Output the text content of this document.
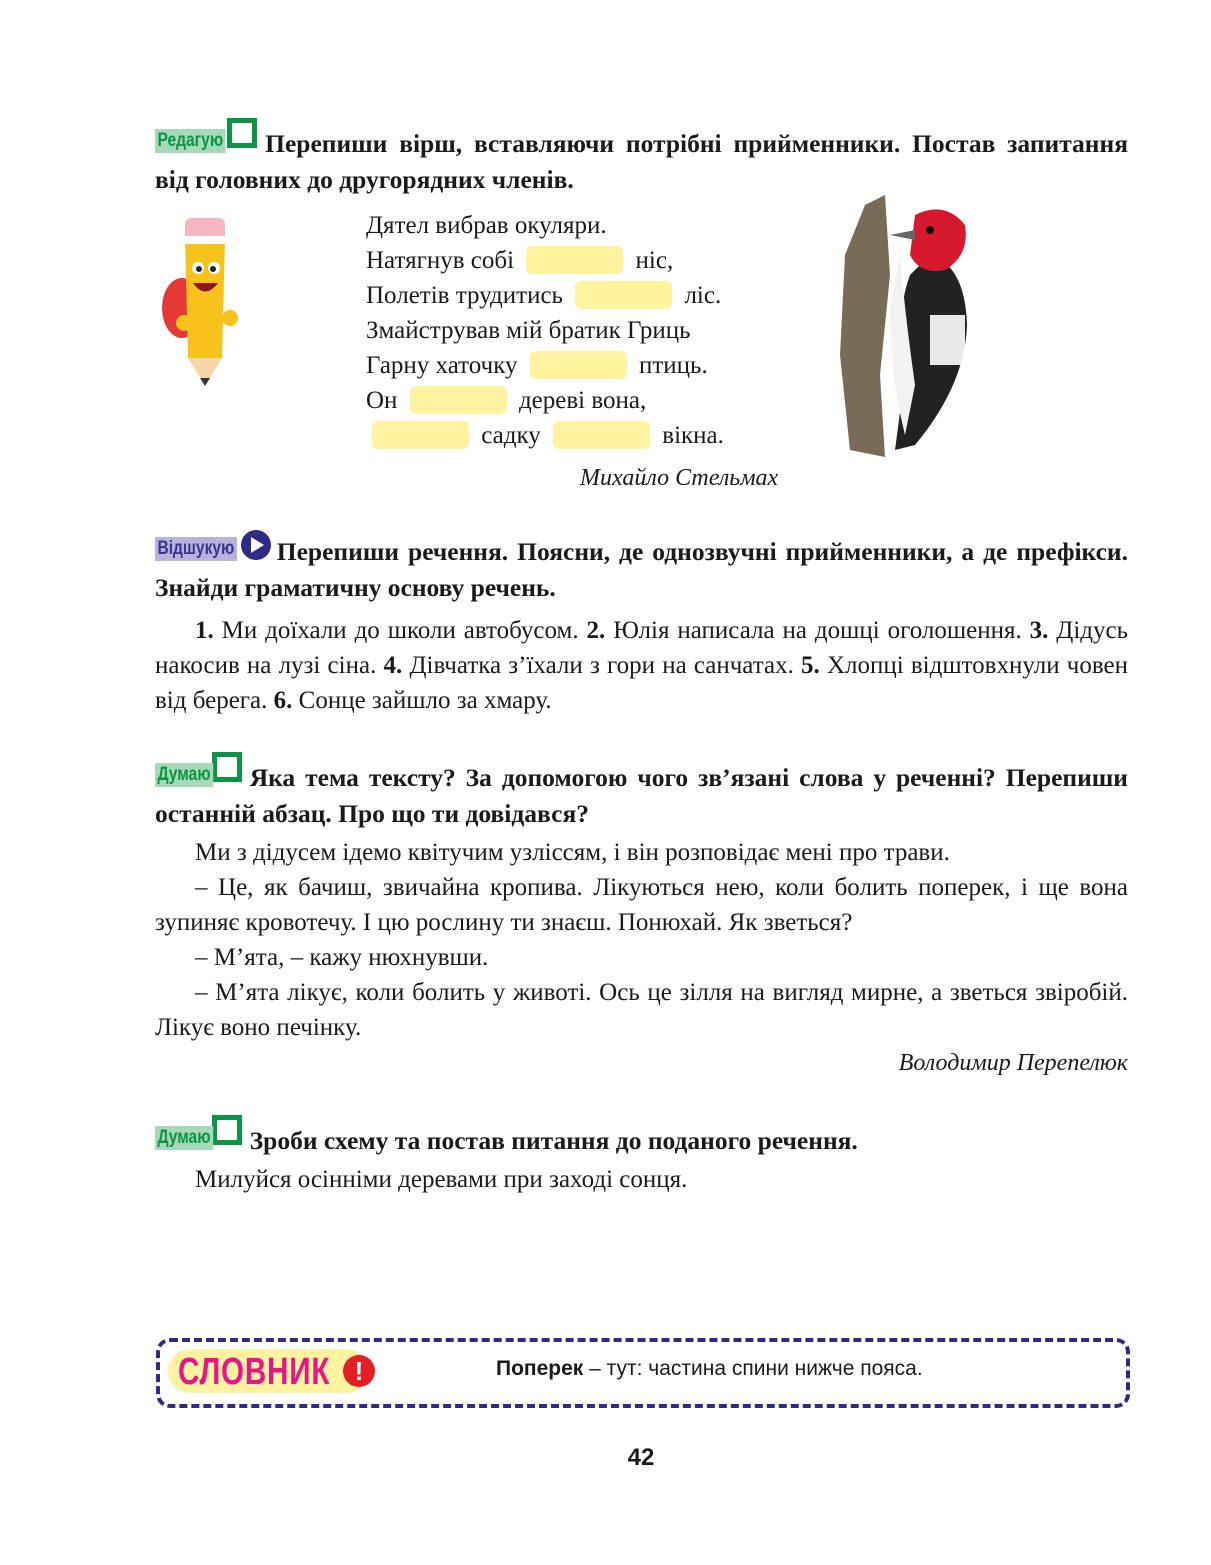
Редагую Перепиши вірш, вставляючи потрібні прийменники. Постав запитання від головних до другорядних членів.
Дятел вибрав окуляри.
Натягнув собі	ніс,
Полетів трудитись	ліс.
Змайстрував мій братик Гриць
Гарну хаточку	птиць.
Он	дереві вона,
садку	вікна.
Михайло Стельмах
Відшукую Перепиши речення. Поясни, де однозвучні прийменники, а де префікси. Знайди граматичну основу речень.

1. Ми доїхали до школи автобусом. 2. Юлія написала на дошці оголошення. 3. Дідусь накосив на лузі сіна. 4. Дівчатка з’їхали з гори на санчатах. 5. Хлопці відштовхнули човен від берега. 6. Сонце зайшло за хмару.

Думаю Яка тема тексту? За допомогою чого зв’язані слова у реченні? Перепиши останній абзац. Про що ти довідався?

Ми з дідусем ідемо квітучим узліссям, і він розповідає мені про трави.

– Це, як бачиш, звичайна кропива. Лікуються нею, коли болить поперек, і ще вона зупиняє кровотечу. І цю рослину ти знаєш. Понюхай. Як зветься?

– М’ята, – кажу нюхнувши.

– М’ята лікує, коли болить у животі. Ось це зілля на вигляд мирне, а зветься звіробій. Лікує воно печінку.

Володимир Перепелюк
Думаю Зроби схему та постав питання до поданого речення.

Милуйся осінніми деревами при заході сонця.

СЛОВНИК !	Поперек – тут: частина спини нижче пояса.
42
